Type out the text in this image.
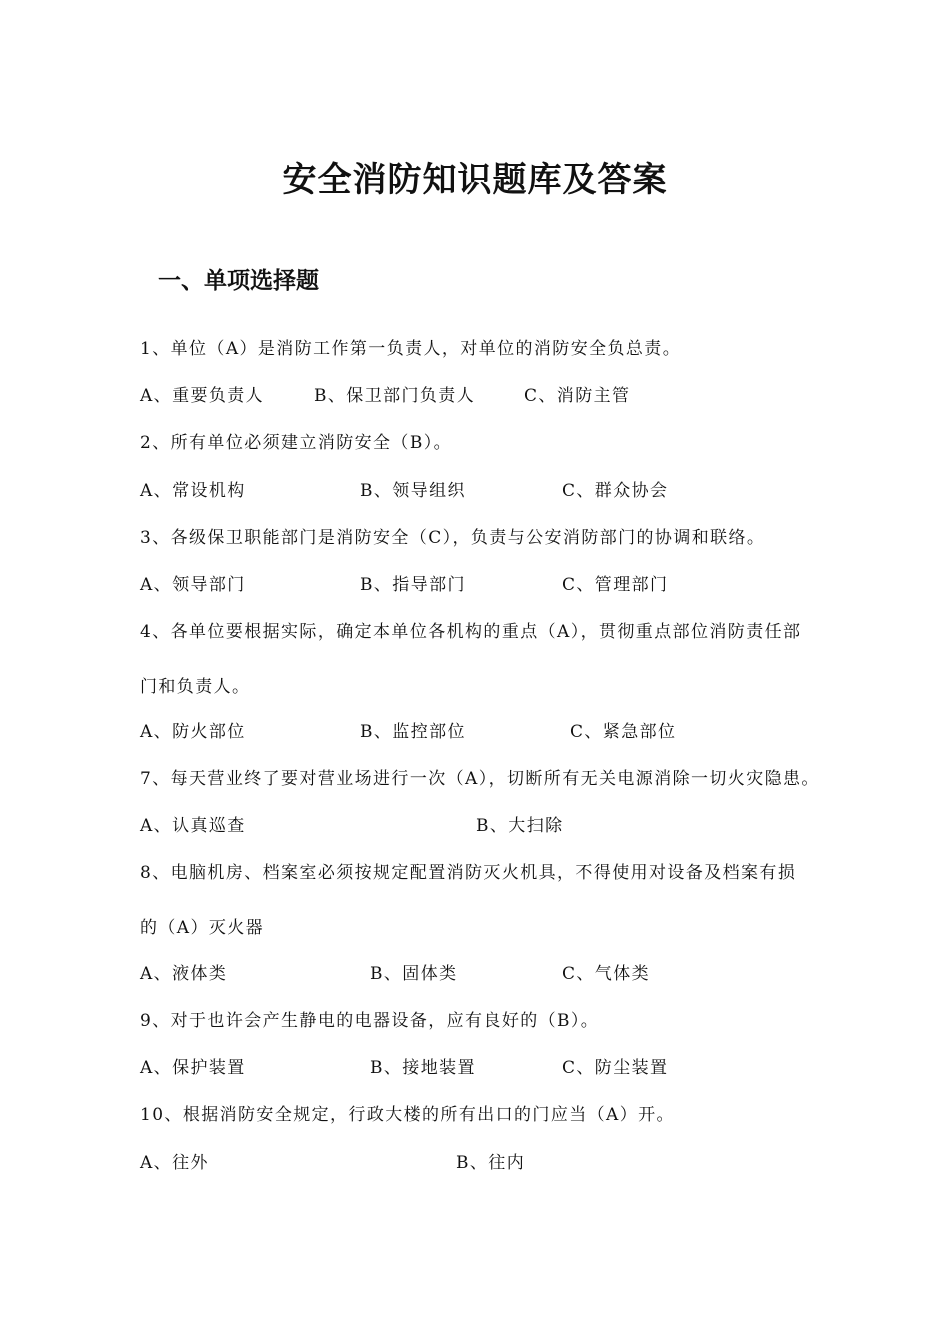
安全消防知识题库及答案
一、单项选择题
1、单位（A）是消防工作第一负责人，对单位的消防安全负总责。
A、重要负责人	B、保卫部门负责人	C、消防主管
2、所有单位必须建立消防安全（B）。
A、常设机构	B、领导组织	C、群众协会
3、各级保卫职能部门是消防安全（C），负责与公安消防部门的协调和联络。
A、领导部门	B、指导部门	C、管理部门
4、各单位要根据实际，确定本单位各机构的重点（A），贯彻重点部位消防责任部
门和负责人。
A、防火部位	B、监控部位	C、紧急部位
7、每天营业终了要对营业场进行一次（A），切断所有无关电源消除一切火灾隐患。
A、认真巡查	B、大扫除
8、电脑机房、档案室必须按规定配置消防灭火机具，不得使用对设备及档案有损
的（A）灭火器
A、液体类	B、固体类	C、气体类
9、对于也许会产生静电的电器设备，应有良好的（B）。
A、保护装置	B、接地装置	C、防尘装置
10、根据消防安全规定，行政大楼的所有出口的门应当（A）开。
A、往外	B、往内
